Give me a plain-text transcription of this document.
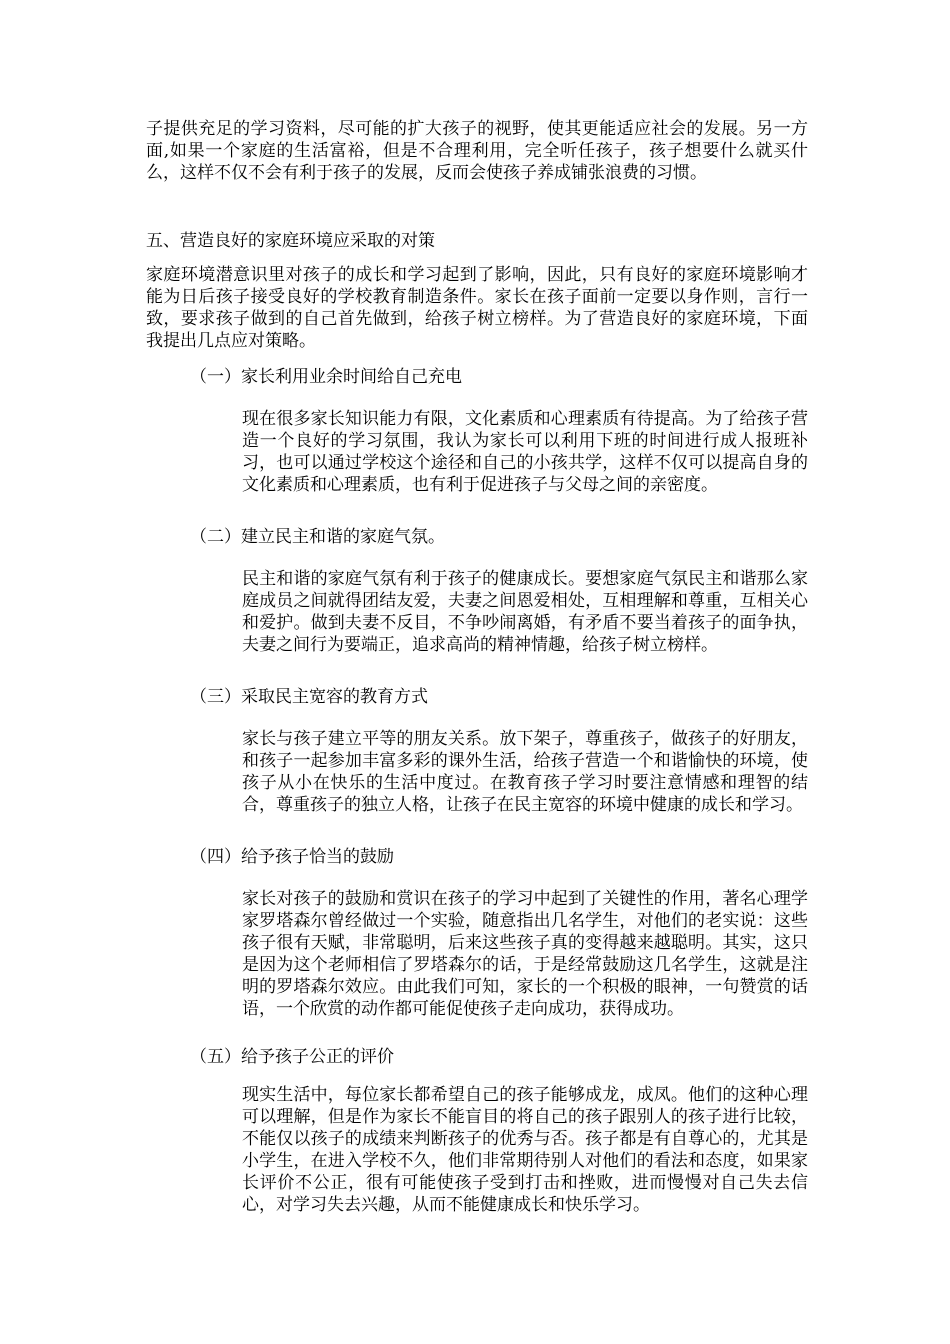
子提供充足的学习资料，尽可能的扩大孩子的视野，使其更能适应社会的发展。另一方面,如果一个家庭的生活富裕，但是不合理利用，完全听任孩子，孩子想要什么就买什么，这样不仅不会有利于孩子的发展，反而会使孩子养成铺张浪费的习惯。

五、营造良好的家庭环境应采取的对策

家庭环境潜意识里对孩子的成长和学习起到了影响，因此，只有良好的家庭环境影响才能为日后孩子接受良好的学校教育制造条件。家长在孩子面前一定要以身作则，言行一致，要求孩子做到的自己首先做到，给孩子树立榜样。为了营造良好的家庭环境，下面我提出几点应对策略。

（一）家长利用业余时间给自己充电

现在很多家长知识能力有限，文化素质和心理素质有待提高。为了给孩子营造一个良好的学习氛围，我认为家长可以利用下班的时间进行成人报班补习，也可以通过学校这个途径和自己的小孩共学，这样不仅可以提高自身的文化素质和心理素质，也有利于促进孩子与父母之间的亲密度。

（二）建立民主和谐的家庭气氛。

民主和谐的家庭气氛有利于孩子的健康成长。要想家庭气氛民主和谐那么家庭成员之间就得团结友爱，夫妻之间恩爱相处，互相理解和尊重，互相关心和爱护。做到夫妻不反目，不争吵闹离婚，有矛盾不要当着孩子的面争执，夫妻之间行为要端正，追求高尚的精神情趣，给孩子树立榜样。

（三）采取民主宽容的教育方式

家长与孩子建立平等的朋友关系。放下架子，尊重孩子，做孩子的好朋友，和孩子一起参加丰富多彩的课外生活，给孩子营造一个和谐愉快的环境，使孩子从小在快乐的生活中度过。在教育孩子学习时要注意情感和理智的结合，尊重孩子的独立人格，让孩子在民主宽容的环境中健康的成长和学习。

（四）给予孩子恰当的鼓励

家长对孩子的鼓励和赏识在孩子的学习中起到了关键性的作用，著名心理学家罗塔森尔曾经做过一个实验，随意指出几名学生，对他们的老实说：这些孩子很有天赋，非常聪明，后来这些孩子真的变得越来越聪明。其实，这只是因为这个老师相信了罗塔森尔的话，于是经常鼓励这几名学生，这就是注明的罗塔森尔效应。由此我们可知，家长的一个积极的眼神，一句赞赏的话语，一个欣赏的动作都可能促使孩子走向成功，获得成功。

（五）给予孩子公正的评价

现实生活中，每位家长都希望自己的孩子能够成龙，成凤。他们的这种心理可以理解，但是作为家长不能盲目的将自己的孩子跟别人的孩子进行比较，不能仅以孩子的成绩来判断孩子的优秀与否。孩子都是有自尊心的，尤其是小学生，在进入学校不久，他们非常期待别人对他们的看法和态度，如果家长评价不公正，很有可能使孩子受到打击和挫败，进而慢慢对自己失去信心，对学习失去兴趣，从而不能健康成长和快乐学习。
